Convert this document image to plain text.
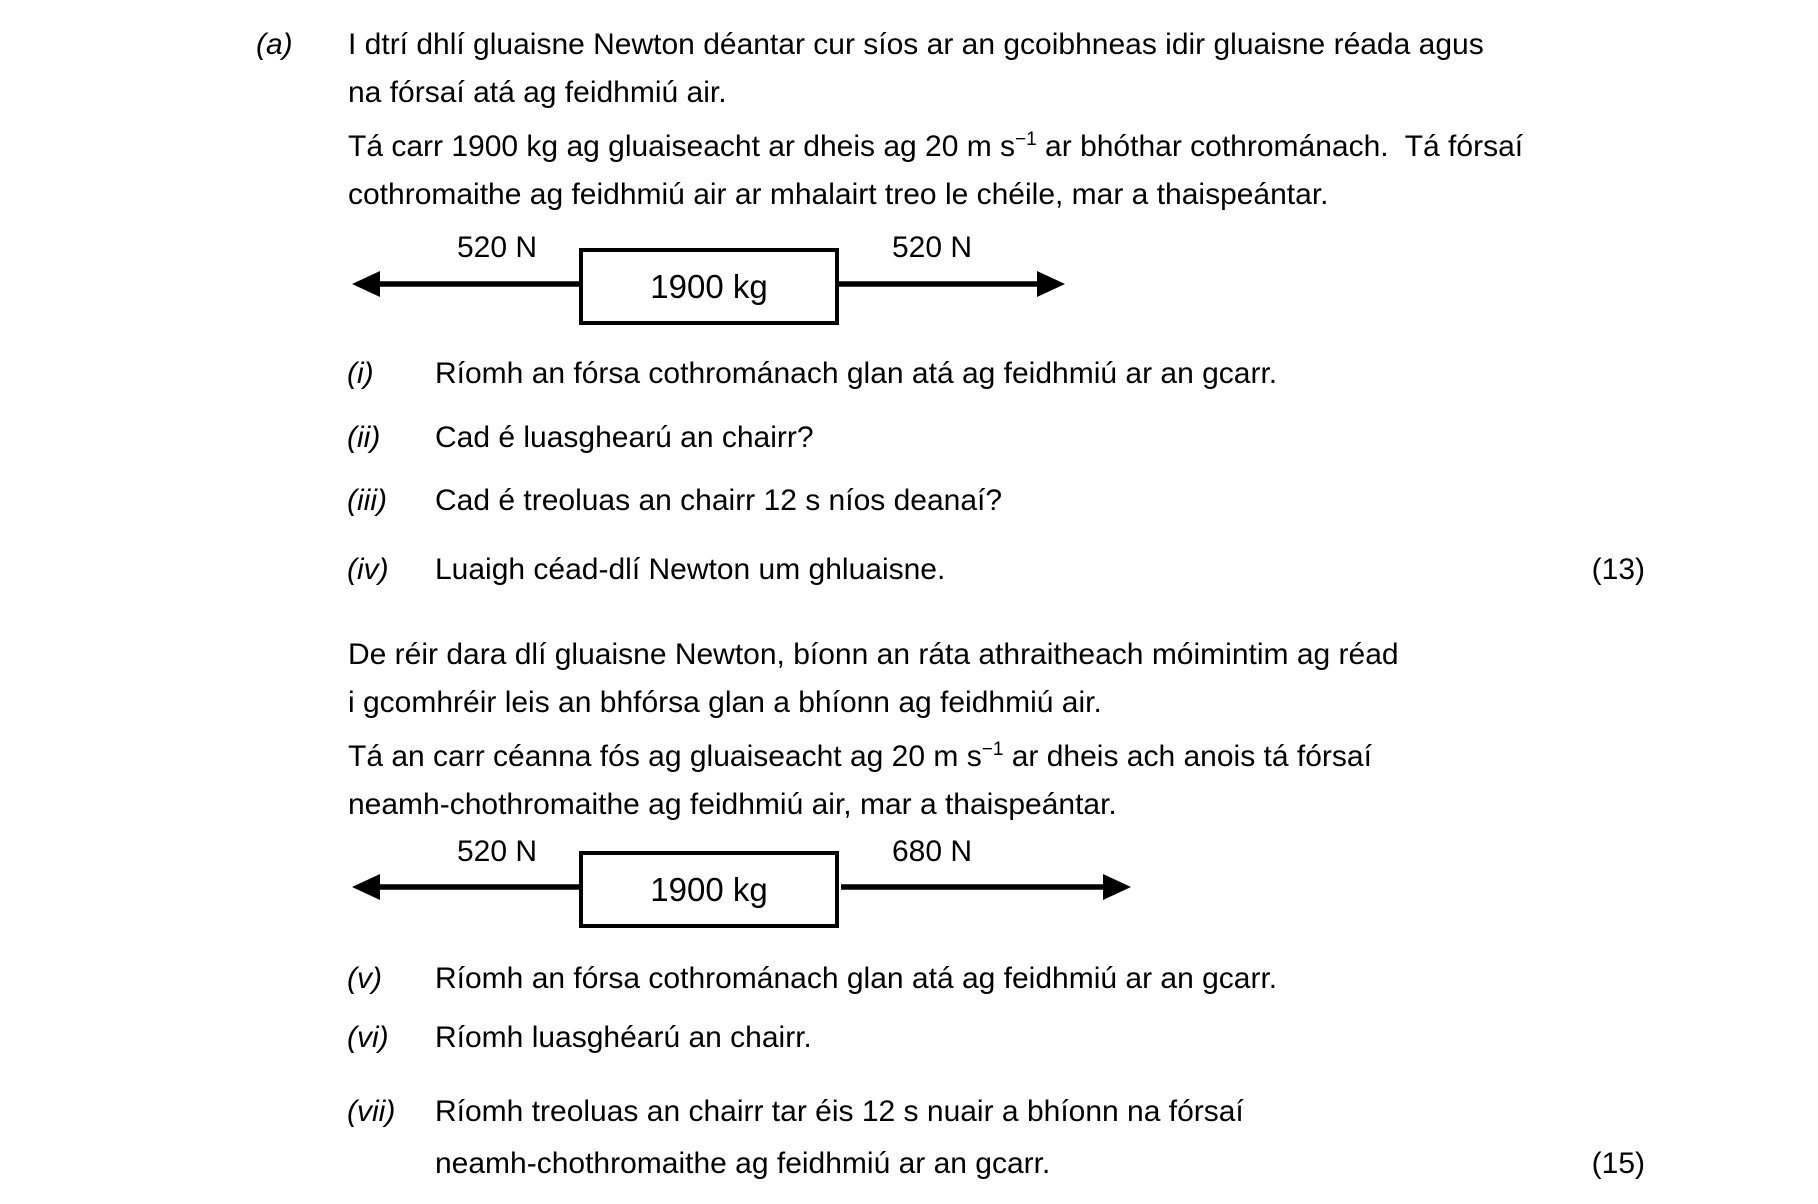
(a) I dtrí dhlí gluaisne Newton déantar cur síos ar an gcoibhneas idir gluaisne réada agus
na fórsaí atá ag feidhmiú air.
Tá carr 1900 kg ag gluaiseacht ar dheis ag 20 m $s^{-1}$ ar bhóthar cothrománach.  Tá fórsaí
cothromaithe ag feidhmiú air ar mhalairt treo le chéile, mar a thaispeántar.
520 N
1900 kg
520 N
(i) Ríomh an fórsa cothrománach glan atá ag feidhmiú ar an gcarr.
(ii) Cad é luasghearú an chairr?
(iii) Cad é treoluas an chairr 12 s níos deanaí?
(iv) Luaigh céad-dlí Newton um ghluaisne.	(13)
De réir dara dlí gluaisne Newton, bíonn an ráta athraitheach móimintim ag réad
i gcomhréir leis an bhfórsa glan a bhíonn ag feidhmiú air.
Tá an carr céanna fós ag gluaiseacht ag 20 m $s^{-1}$ ar dheis ach anois tá fórsaí
neamh-chothromaithe ag feidhmiú air, mar a thaispeántar.
520 N
1900 kg
680 N
(v) Ríomh an fórsa cothrománach glan atá ag feidhmiú ar an gcarr.
(vi) Ríomh luasghéarú an chairr.
(vii) Ríomh treoluas an chairr tar éis 12 s nuair a bhíonn na fórsaí
neamh-chothromaithe ag feidhmiú ar an gcarr.	(15)
